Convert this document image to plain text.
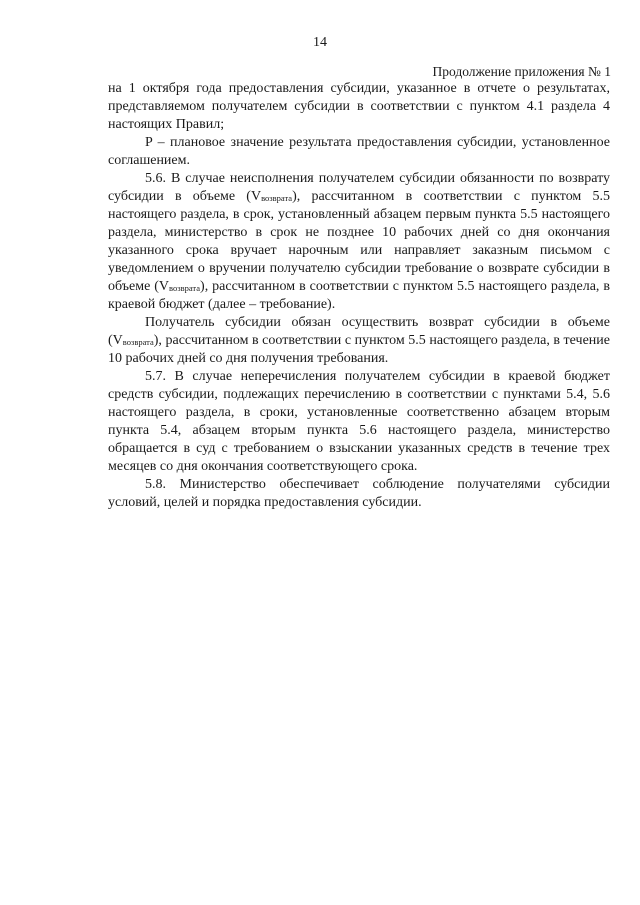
14
Продолжение приложения № 1

на 1 октября года предоставления субсидии, указанное в отчете о результатах, представляемом получателем субсидии в соответствии с пунктом 4.1 раздела 4 настоящих Правил;

P – плановое значение результата предоставления субсидии, установленное соглашением.

5.6. В случае неисполнения получателем субсидии обязанности по возврату субсидии в объеме $(V_{возврата})$, рассчитанном в соответствии с пунктом 5.5 настоящего раздела, в срок, установленный абзацем первым пункта 5.5 настоящего раздела, министерство в срок не позднее 10 рабочих дней со дня окончания указанного срока вручает нарочным или направляет заказным письмом с уведомлением о вручении получателю субсидии требование о возврате субсидии в объеме $(V_{возврата})$, рассчитанном в соответствии с пунктом 5.5 настоящего раздела, в краевой бюджет (далее – требование).

Получатель субсидии обязан осуществить возврат субсидии в объеме $(V_{возврата})$, рассчитанном в соответствии с пунктом 5.5 настоящего раздела, в течение 10 рабочих дней со дня получения требования.

5.7. В случае неперечисления получателем субсидии в краевой бюджет средств субсидии, подлежащих перечислению в соответствии с пунктами 5.4, 5.6 настоящего раздела, в сроки, установленные соответственно абзацем вторым пункта 5.4, абзацем вторым пункта 5.6 настоящего раздела, министерство обращается в суд с требованием о взыскании указанных средств в течение трех месяцев со дня окончания соответствующего срока.

5.8. Министерство обеспечивает соблюдение получателями субсидии условий, целей и порядка предоставления субсидии.
